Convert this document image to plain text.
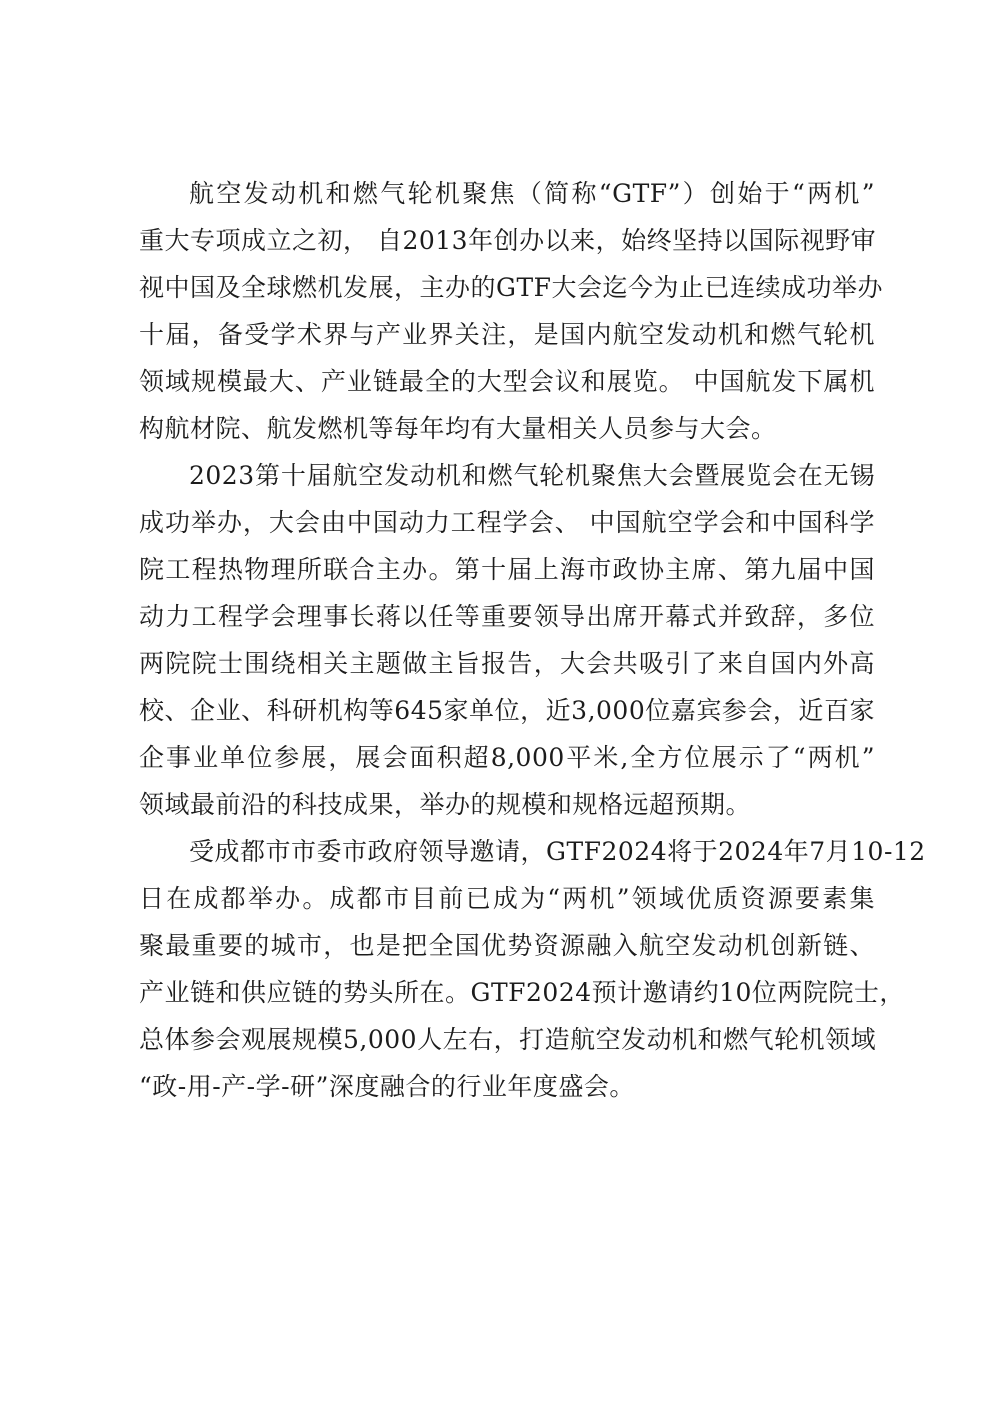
航空发动机和燃气轮机聚焦（简称“GTF”）创始于“两机”
重大专项成立之初， 自2013年创办以来，始终坚持以国际视野审
视中国及全球燃机发展，主办的GTF大会迄今为止已连续成功举办
十届，备受学术界与产业界关注，是国内航空发动机和燃气轮机
领域规模最大、产业链最全的大型会议和展览。 中国航发下属机
构航材院、航发燃机等每年均有大量相关人员参与大会。
2023第十届航空发动机和燃气轮机聚焦大会暨展览会在无锡
成功举办，大会由中国动力工程学会、 中国航空学会和中国科学
院工程热物理所联合主办。第十届上海市政协主席、第九届中国
动力工程学会理事长蒋以任等重要领导出席开幕式并致辞，多位
两院院士围绕相关主题做主旨报告，大会共吸引了来自国内外高
校、企业、科研机构等645家单位，近3,000位嘉宾参会，近百家
企事业单位参展，展会面积超8,000平米,全方位展示了“两机”
领域最前沿的科技成果，举办的规模和规格远超预期。
受成都市市委市政府领导邀请，GTF2024将于2024年7月10-12
日在成都举办。成都市目前已成为“两机”领域优质资源要素集
聚最重要的城市，也是把全国优势资源融入航空发动机创新链、
产业链和供应链的势头所在。GTF2024预计邀请约10位两院院士，
总体参会观展规模5,000人左右，打造航空发动机和燃气轮机领域
“政-用-产-学-研”深度融合的行业年度盛会。
